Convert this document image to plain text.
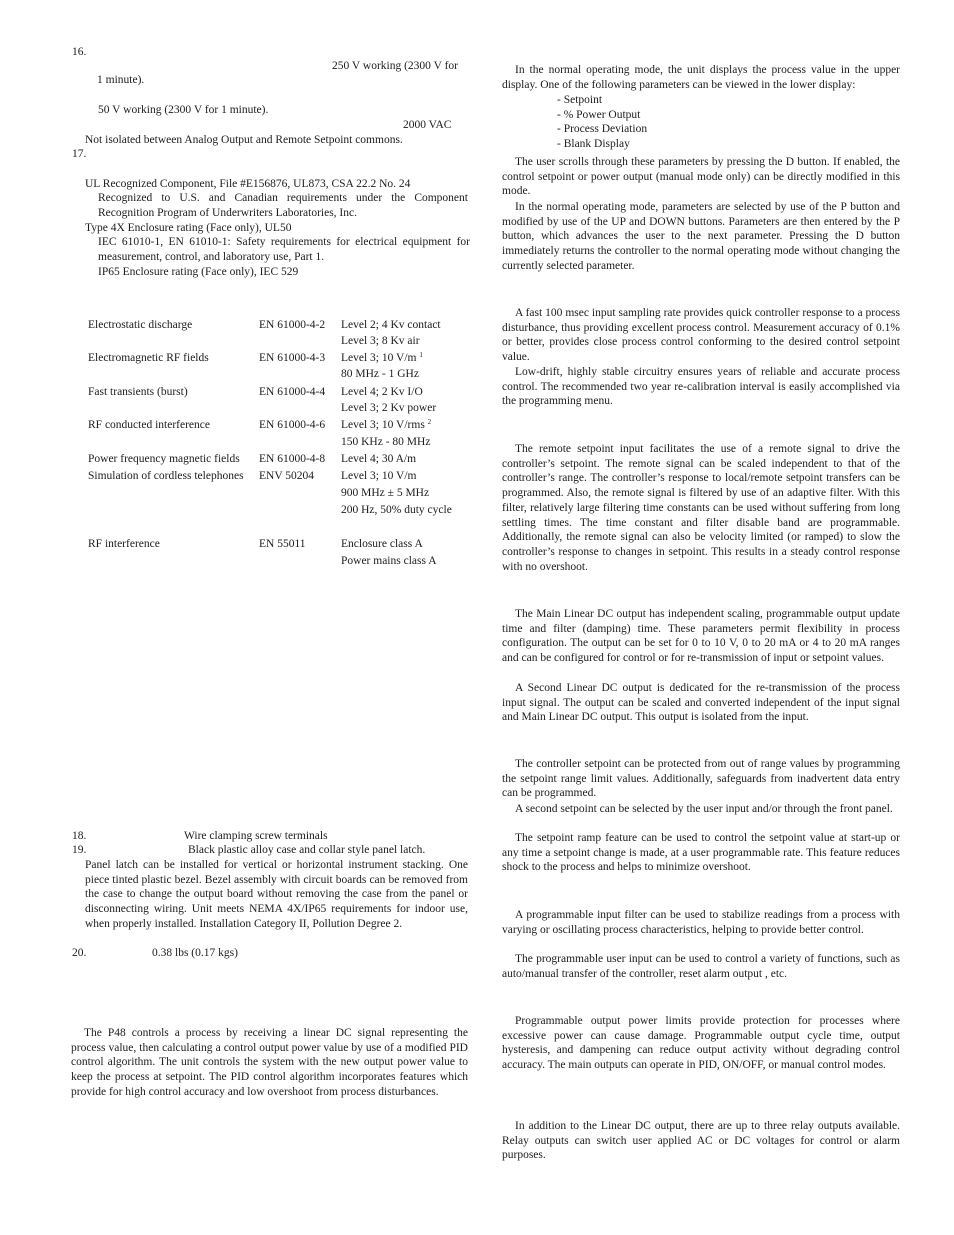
16.
250 V working (2300 V for
1 minute).
50 V working (2300 V for 1 minute).
2000 VAC
Not isolated between Analog Output and Remote Setpoint commons.
17.
UL Recognized Component, File #E156876, UL873, CSA 22.2 No. 24
Recognized to U.S. and Canadian requirements under the Component Recognition Program of Underwriters Laboratories, Inc.
Type 4X Enclosure rating (Face only), UL50
IEC 61010-1, EN 61010-1: Safety requirements for electrical equipment for measurement, control, and laboratory use, Part 1.
IP65 Enclosure rating (Face only), IEC 529
Electrostatic discharge	EN 61000-4-2 Level 2; 4 Kv contact
Level 3; 8 Kv air
Electromagnetic RF fields	EN 61000-4-3 Level 3; 10 V/m $^1$
80 MHz - 1 GHz
Fast transients (burst)	EN 61000-4-4 Level 4; 2 Kv I/O
Level 3; 2 Kv power
RF conducted interference	EN 61000-4-6 Level 3; 10 V/rms $^2$
150 KHz - 80 MHz
Power frequency magnetic fields EN 61000-4-8 Level 4; 30 A/m
Simulation of cordless telephones ENV 50204 Level 3; 10 V/m
900 MHz ± 5 MHz
200 Hz, 50% duty cycle
RF interference	EN 55011	Enclosure class A
Power mains class A
18.	Wire clamping screw terminals
19.	Black plastic alloy case and collar style panel latch.
Panel latch can be installed for vertical or horizontal instrument stacking. One piece tinted plastic bezel. Bezel assembly with circuit boards can be removed from the case to change the output board without removing the case from the panel or disconnecting wiring. Unit meets NEMA 4X/IP65 requirements for indoor use, when properly installed. Installation Category II, Pollution Degree 2.
20.	0.38 lbs (0.17 kgs)
The P48 controls a process by receiving a linear DC signal representing the process value, then calculating a control output power value by use of a modified PID control algorithm. The unit controls the system with the new output power value to keep the process at setpoint. The PID control algorithm incorporates features which provide for high control accuracy and low overshoot from process disturbances.
In the normal operating mode, the unit displays the process value in the upper display. One of the following parameters can be viewed in the lower display:
- Setpoint
- % Power Output
- Process Deviation
- Blank Display
The user scrolls through these parameters by pressing the D button. If enabled, the control setpoint or power output (manual mode only) can be directly modified in this mode.
In the normal operating mode, parameters are selected by use of the P button and modified by use of the UP and DOWN buttons. Parameters are then entered by the P button, which advances the user to the next parameter. Pressing the D button immediately returns the controller to the normal operating mode without changing the currently selected parameter.
A fast 100 msec input sampling rate provides quick controller response to a process disturbance, thus providing excellent process control. Measurement accuracy of 0.1% or better, provides close process control conforming to the desired control setpoint value.
Low-drift, highly stable circuitry ensures years of reliable and accurate process control. The recommended two year re-calibration interval is easily accomplished via the programming menu.
The remote setpoint input facilitates the use of a remote signal to drive the controller’s setpoint. The remote signal can be scaled independent to that of the controller’s range. The controller’s response to local/remote setpoint transfers can be programmed. Also, the remote signal is filtered by use of an adaptive filter. With this filter, relatively large filtering time constants can be used without suffering from long settling times. The time constant and filter disable band are programmable. Additionally, the remote signal can also be velocity limited (or ramped) to slow the controller’s response to changes in setpoint. This results in a steady control response with no overshoot.
The Main Linear DC output has independent scaling, programmable output update time and filter (damping) time. These parameters permit flexibility in process configuration. The output can be set for 0 to 10 V, 0 to 20 mA or 4 to 20 mA ranges and can be configured for control or for re-transmission of input or setpoint values.
A Second Linear DC output is dedicated for the re-transmission of the process input signal. The output can be scaled and converted independent of the input signal and Main Linear DC output. This output is isolated from the input.
The controller setpoint can be protected from out of range values by programming the setpoint range limit values. Additionally, safeguards from inadvertent data entry can be programmed.
A second setpoint can be selected by the user input and/or through the front panel.
The setpoint ramp feature can be used to control the setpoint value at start-up or any time a setpoint change is made, at a user programmable rate. This feature reduces shock to the process and helps to minimize overshoot.
A programmable input filter can be used to stabilize readings from a process with varying or oscillating process characteristics, helping to provide better control.
The programmable user input can be used to control a variety of functions, such as auto/manual transfer of the controller, reset alarm output , etc.
Programmable output power limits provide protection for processes where excessive power can cause damage. Programmable output cycle time, output hysteresis, and dampening can reduce output activity without degrading control accuracy. The main outputs can operate in PID, ON/OFF, or manual control modes.
In addition to the Linear DC output, there are up to three relay outputs available. Relay outputs can switch user applied AC or DC voltages for control or alarm purposes.
